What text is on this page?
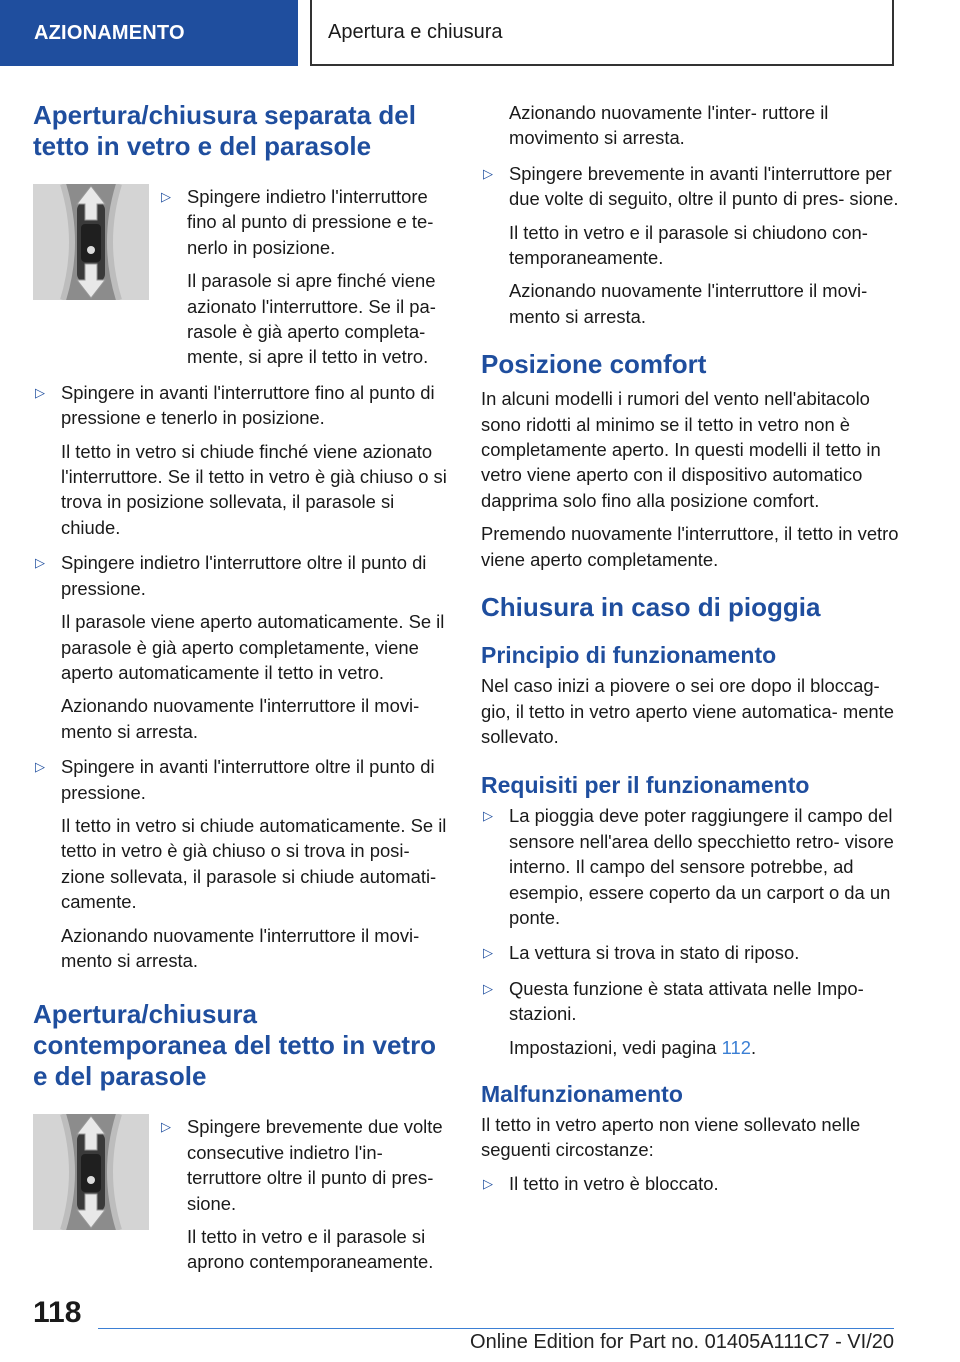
AZIONAMENTO	Apertura e chiusura
Apertura/chiusura separata del tetto in vetro e del parasole
▷ Spingere indietro l'interruttore fino al punto di pressione e te‐ nerlo in posizione.

Il parasole si apre finché viene azionato l'interruttore. Se il pa‐ rasole è già aperto completa‐ mente, si apre il tetto in vetro.

▷ Spingere in avanti l'interruttore fino al punto di pressione e tenerlo in posizione.

Il tetto in vetro si chiude finché viene azionato l'interruttore. Se il tetto in vetro è già chiuso o si trova in posizione sollevata, il parasole si chiude.

▷ Spingere indietro l'interruttore oltre il punto di pressione.

Il parasole viene aperto automaticamente. Se il parasole è già aperto completamente, viene aperto automaticamente il tetto in vetro.

Azionando nuovamente l'interruttore il movi‐ mento si arresta.

▷ Spingere in avanti l'interruttore oltre il punto di pressione.

Il tetto in vetro si chiude automaticamente. Se il tetto in vetro è già chiuso o si trova in posi‐ zione sollevata, il parasole si chiude automati‐ camente.

Azionando nuovamente l'interruttore il movi‐ mento si arresta.

Apertura/chiusura contemporanea del tetto in vetro e del parasole
▷ Spingere brevemente due volte consecutive indietro l'in‐ terruttore oltre il punto di pres‐ sione.

Il tetto in vetro e il parasole si aprono contemporaneamente.

Azionando nuovamente l'inter‐ ruttore il movimento si arresta.

▷ Spingere brevemente in avanti l'interruttore per due volte di seguito, oltre il punto di pres‐ sione.

Il tetto in vetro e il parasole si chiudono con‐ temporaneamente.

Azionando nuovamente l'interruttore il movi‐ mento si arresta.

Posizione comfort

In alcuni modelli i rumori del vento nell'abitacolo sono ridotti al minimo se il tetto in vetro non è completamente aperto. In questi modelli il tetto in vetro viene aperto con il dispositivo automatico dapprima solo fino alla posizione comfort.

Premendo nuovamente l'interruttore, il tetto in vetro viene aperto completamente.

Chiusura in caso di pioggia
Principio di funzionamento

Nel caso inizi a piovere o sei ore dopo il bloccag‐ gio, il tetto in vetro aperto viene automatica‐ mente sollevato.

Requisiti per il funzionamento
▷ La pioggia deve poter raggiungere il campo del sensore nell'area dello specchietto retro‐ visore interno. Il campo del sensore potrebbe, ad esempio, essere coperto da un carport o da un ponte.
▷ La vettura si trova in stato di riposo.
▷ Questa funzione è stata attivata nelle Impo‐ stazioni.

Impostazioni, vedi pagina 112.

Malfunzionamento

Il tetto in vetro aperto non viene sollevato nelle seguenti circostanze:

▷ Il tetto in vetro è bloccato.
118
Online Edition for Part no. 01405A111C7 - VI/20
